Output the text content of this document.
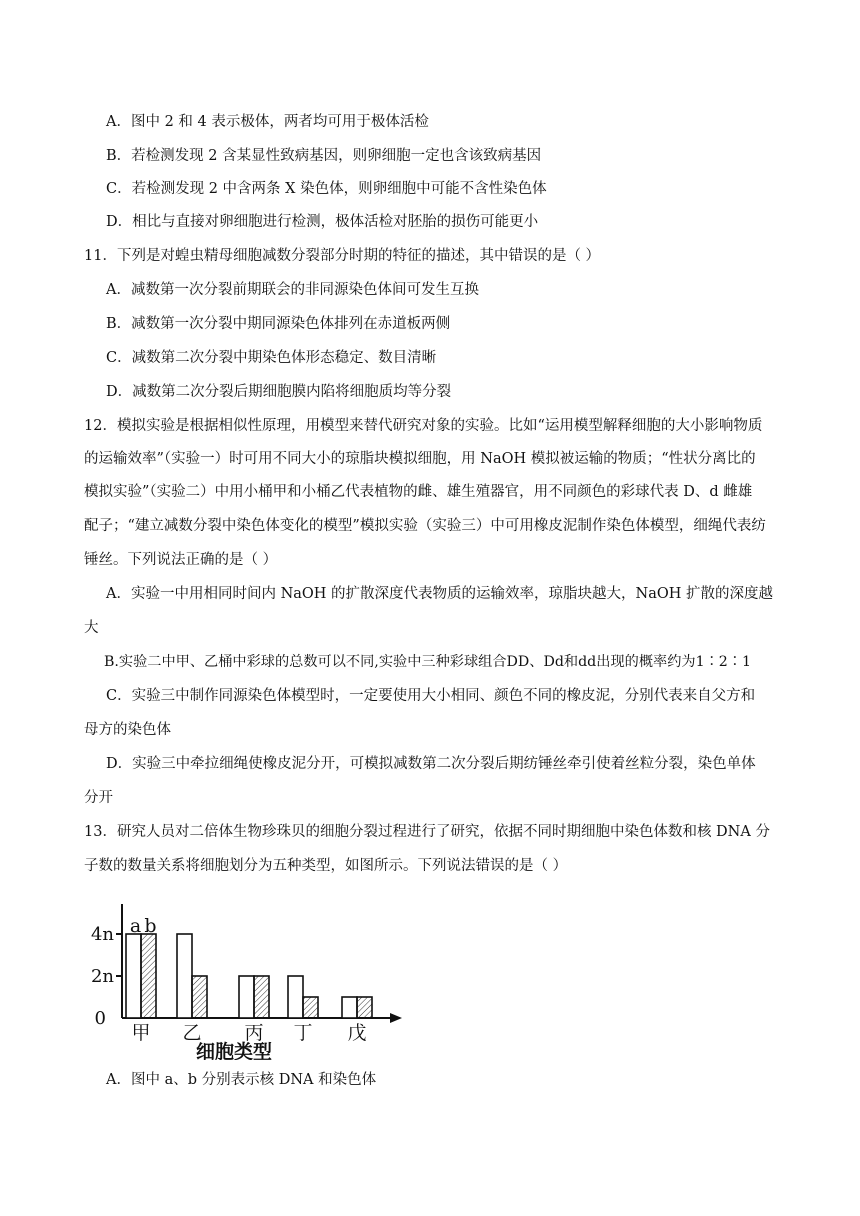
A．图中 2 和 4 表示极体，两者均可用于极体活检
B．若检测发现 2 含某显性致病基因，则卵细胞一定也含该致病基因
C．若检测发现 2 中含两条 X 染色体，则卵细胞中可能不含性染色体
D．相比与直接对卵细胞进行检测，极体活检对胚胎的损伤可能更小
11．下列是对蝗虫精母细胞减数分裂部分时期的特征的描述，其中错误的是（ ）
A．减数第一次分裂前期联会的非同源染色体间可发生互换
B．减数第一次分裂中期同源染色体排列在赤道板两侧
C．减数第二次分裂中期染色体形态稳定、数目清晰
D．减数第二次分裂后期细胞膜内陷将细胞质均等分裂
12．模拟实验是根据相似性原理，用模型来替代研究对象的实验。比如“运用模型解释细胞的大小影响物质
的运输效率”（实验一）时可用不同大小的琼脂块模拟细胞，用 NaOH 模拟被运输的物质；“性状分离比的
模拟实验”（实验二）中用小桶甲和小桶乙代表植物的雌、雄生殖器官，用不同颜色的彩球代表 D、d 雌雄
配子；“建立减数分裂中染色体变化的模型”模拟实验（实验三）中可用橡皮泥制作染色体模型，细绳代表纺
锤丝。下列说法正确的是（ ）
A．实验一中用相同时间内 NaOH 的扩散深度代表物质的运输效率，琼脂块越大，NaOH 扩散的深度越
大
B.实验二中甲、乙桶中彩球的总数可以不同,实验中三种彩球组合DD、Dd和dd出现的概率约为1∶2∶1
C．实验三中制作同源染色体模型时，一定要使用大小相同、颜色不同的橡皮泥，分别代表来自父方和
母方的染色体
D．实验三中牵拉细绳使橡皮泥分开，可模拟减数第二次分裂后期纺锤丝牵引使着丝粒分裂，染色单体
分开
13．研究人员对二倍体生物珍珠贝的细胞分裂过程进行了研究，依据不同时期细胞中染色体数和核 DNA 分
子数的数量关系将细胞划分为五种类型，如图所示。下列说法错误的是（ ）
0
2n
4n
甲 乙 丙 丁 戊
a b
细胞类型
A．图中 a、b 分别表示核 DNA 和染色体
